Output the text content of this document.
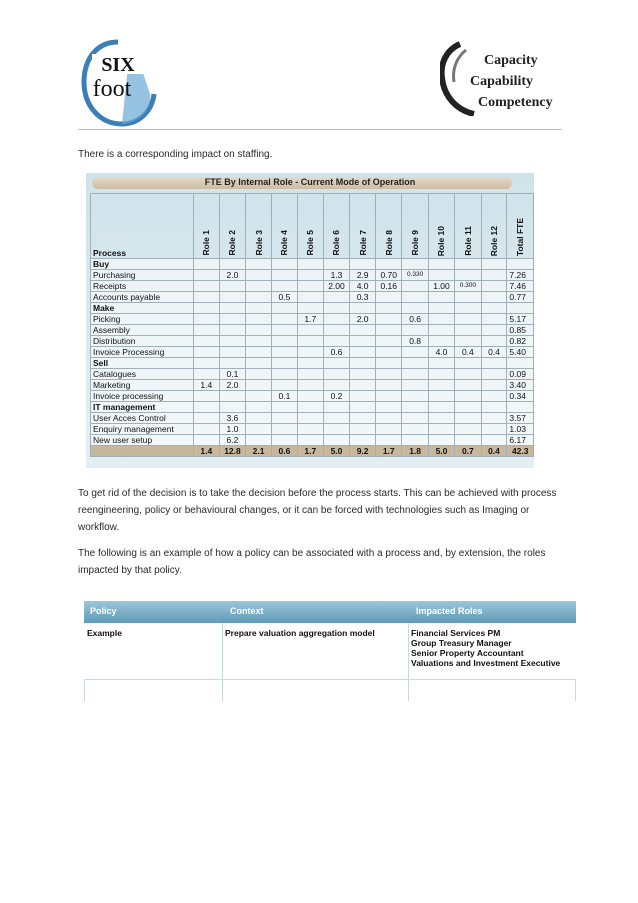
SIX
foot
Capacity
Capability
Competency

There is a corresponding impact on staffing.

FTE By Internal Role - Current Mode of Operation
Process	Role 1	Role 2	Role 3	Role 4	Role 5	Role 6	Role 7	Role 8	Role 9	Role 10	Role 11	Role 12	Total FTE

Buy													
Purchasing		2.0				1.3	2.9	0.70	0.330				7.26
Receipts						2.00	4.0	0.16		1.00	0.300		7.46
Accounts payable				0.5			0.3						0.77
Make													
Picking					1.7		2.0		0.6				5.17
Assembly													0.85
Distribution									0.8				0.82
Invoice Processing						0.6				4.0	0.4	0.4	5.40
Sell													
Catalogues		0.1											0.09
Marketing	1.4	2.0											3.40
Invoice processing				0.1		0.2							0.34
IT management													
User Acces Control		3.6											3.57
Enquiry management		1.0											1.03
New user setup		6.2											6.17
	1.4	12.8	2.1	0.6	1.7	5.0	9.2	1.7	1.8	5.0	0.7	0.4	42.3

To get rid of the decision is to take the decision before the process starts. This can be achieved with process reengineering, policy or behavioural changes, or it can be forced with technologies such as Imaging or workflow.

The following is an example of how a policy can be associated with a process and, by extension, the roles impacted by that policy.

Policy	Context	Impacted Roles
Example	Prepare valuation aggregation model	Financial Services PM
Group Treasury Manager
Senior Property Accountant
Valuations and Investment Executive
